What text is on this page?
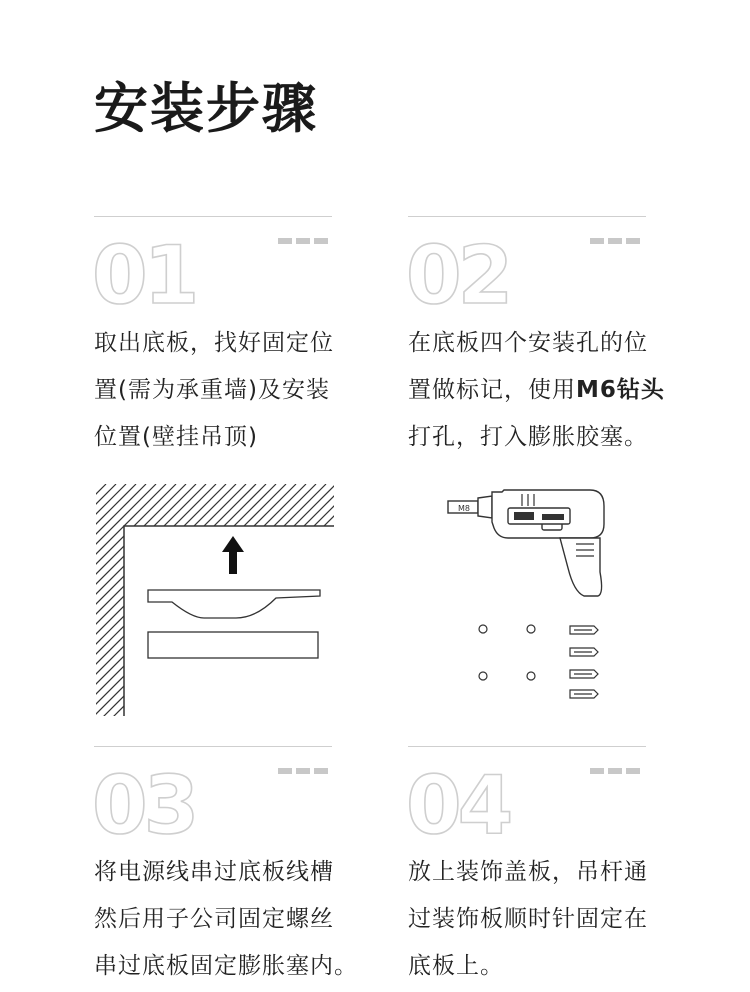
安装步骤
01
取出底板，找好固定位
置(需为承重墙)及安装
位置(壁挂吊顶)
02
在底板四个安装孔的位
置做标记，使用M6钻头
打孔，打入膨胀胶塞。
M8
03
将电源线串过底板线槽
然后用子公司固定螺丝
串过底板固定膨胀塞内。
04
放上装饰盖板，吊杆通
过装饰板顺时针固定在
底板上。
